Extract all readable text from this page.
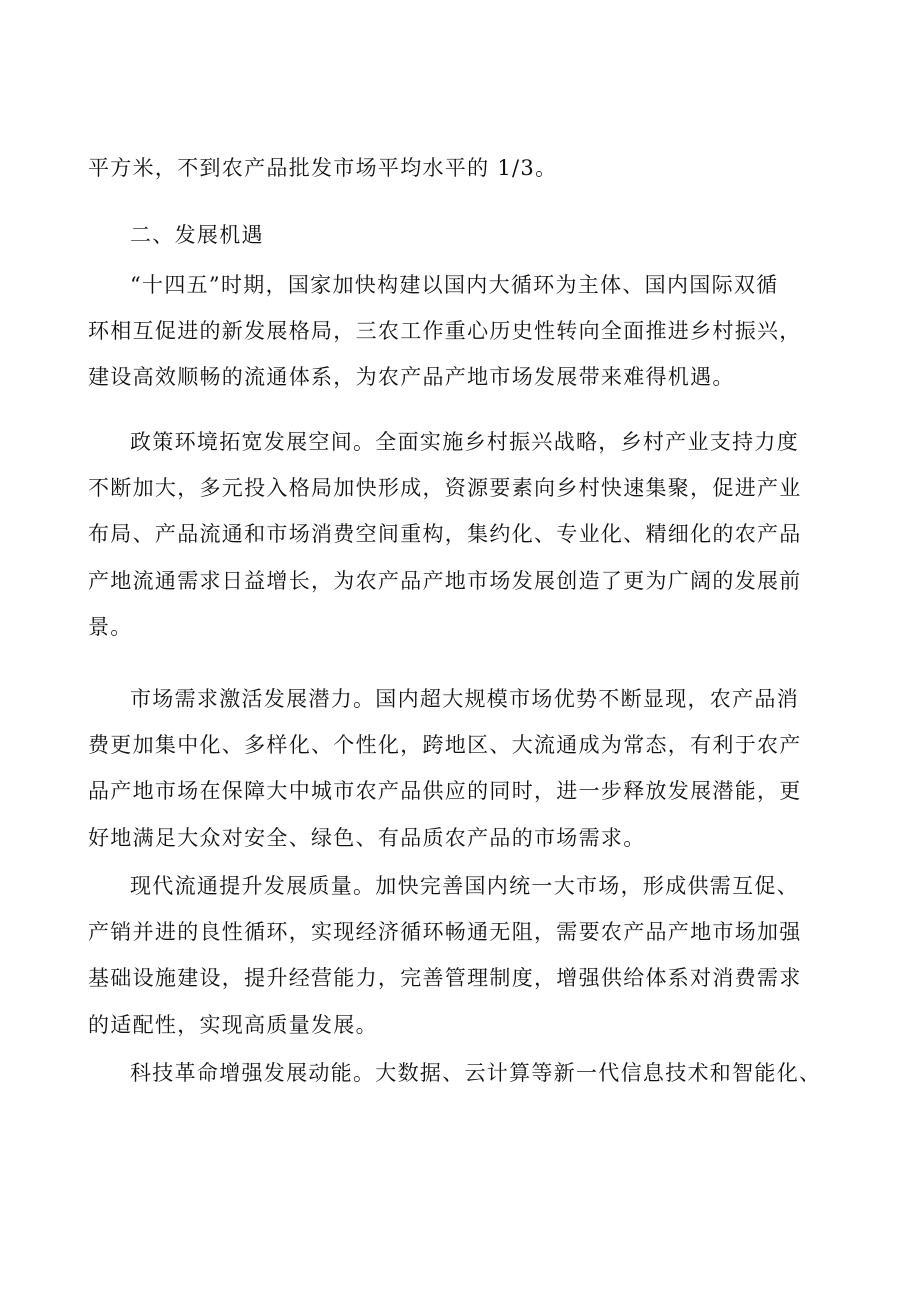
平方米，不到农产品批发市场平均水平的 1/3。
二、发展机遇
“十四五”时期，国家加快构建以国内大循环为主体、国内国际双循
环相互促进的新发展格局，三农工作重心历史性转向全面推进乡村振兴，
建设高效顺畅的流通体系，为农产品产地市场发展带来难得机遇。
政策环境拓宽发展空间。全面实施乡村振兴战略，乡村产业支持力度
不断加大，多元投入格局加快形成，资源要素向乡村快速集聚，促进产业
布局、产品流通和市场消费空间重构，集约化、专业化、精细化的农产品
产地流通需求日益增长，为农产品产地市场发展创造了更为广阔的发展前
景。
市场需求激活发展潜力。国内超大规模市场优势不断显现，农产品消
费更加集中化、多样化、个性化，跨地区、大流通成为常态，有利于农产
品产地市场在保障大中城市农产品供应的同时，进一步释放发展潜能，更
好地满足大众对安全、绿色、有品质农产品的市场需求。
现代流通提升发展质量。加快完善国内统一大市场，形成供需互促、
产销并进的良性循环，实现经济循环畅通无阻，需要农产品产地市场加强
基础设施建设，提升经营能力，完善管理制度，增强供给体系对消费需求
的适配性，实现高质量发展。
科技革命增强发展动能。大数据、云计算等新一代信息技术和智能化、
